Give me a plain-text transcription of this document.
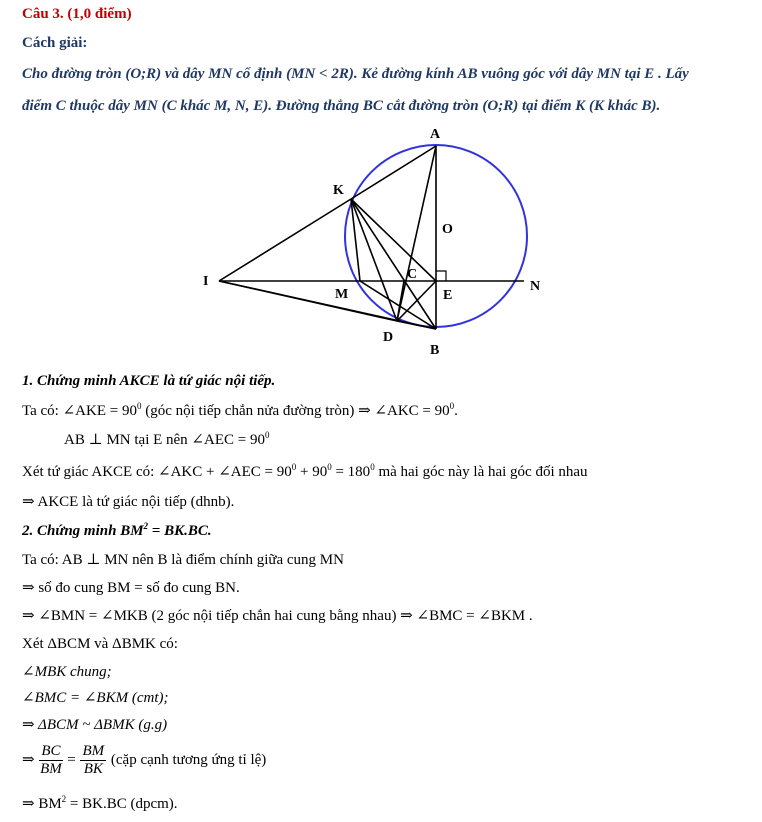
Câu 3. (1,0 điểm)
Cách giải:
Cho đường tròn (O;R) và dây MN cố định (MN < 2R). Kẻ đường kính AB vuông góc với dây MN tại E . Lấy
điểm C thuộc dây MN (C khác M, N, E). Đường thẳng BC cắt đường tròn (O;R) tại điểm K (K khác B).
A
O
K
I	C
M	E
N
D
B
1. Chứng minh AKCE là tứ giác nội tiếp.
Ta có: ∠AKE = $90^0$ (góc nội tiếp chắn nửa đường tròn) ⇒ ∠AKC = $90^0$.
AB ⊥ MN tại E nên ∠AEC = $90^0$
Xét tứ giác AKCE có: ∠AKC + ∠AEC = $90^0 + 90^0 = 180^0$ mà hai góc này là hai góc đối nhau
⇒ AKCE là tứ giác nội tiếp (dhnb).
2. Chứng minh $BM^2 = BK.BC$.
Ta có: AB ⊥ MN nên B là điểm chính giữa cung MN
⇒ số đo cung BM = số đo cung BN.
⇒ ∠BMN = ∠MKB (2 góc nội tiếp chắn hai cung bằng nhau) ⇒ ∠BMC = ∠BKM .
Xét ΔBCM và ΔBMK có:
∠MBK chung;
∠BMC = ∠BKM (cmt);
⇒ ΔBCM ~ ΔBMK (g.g)
⇒ $\frac{BC}{BM} = \frac{BM}{BK}$ (cặp cạnh tương ứng tỉ lệ)
⇒ $BM^2 = BK.BC$ (dpcm).
